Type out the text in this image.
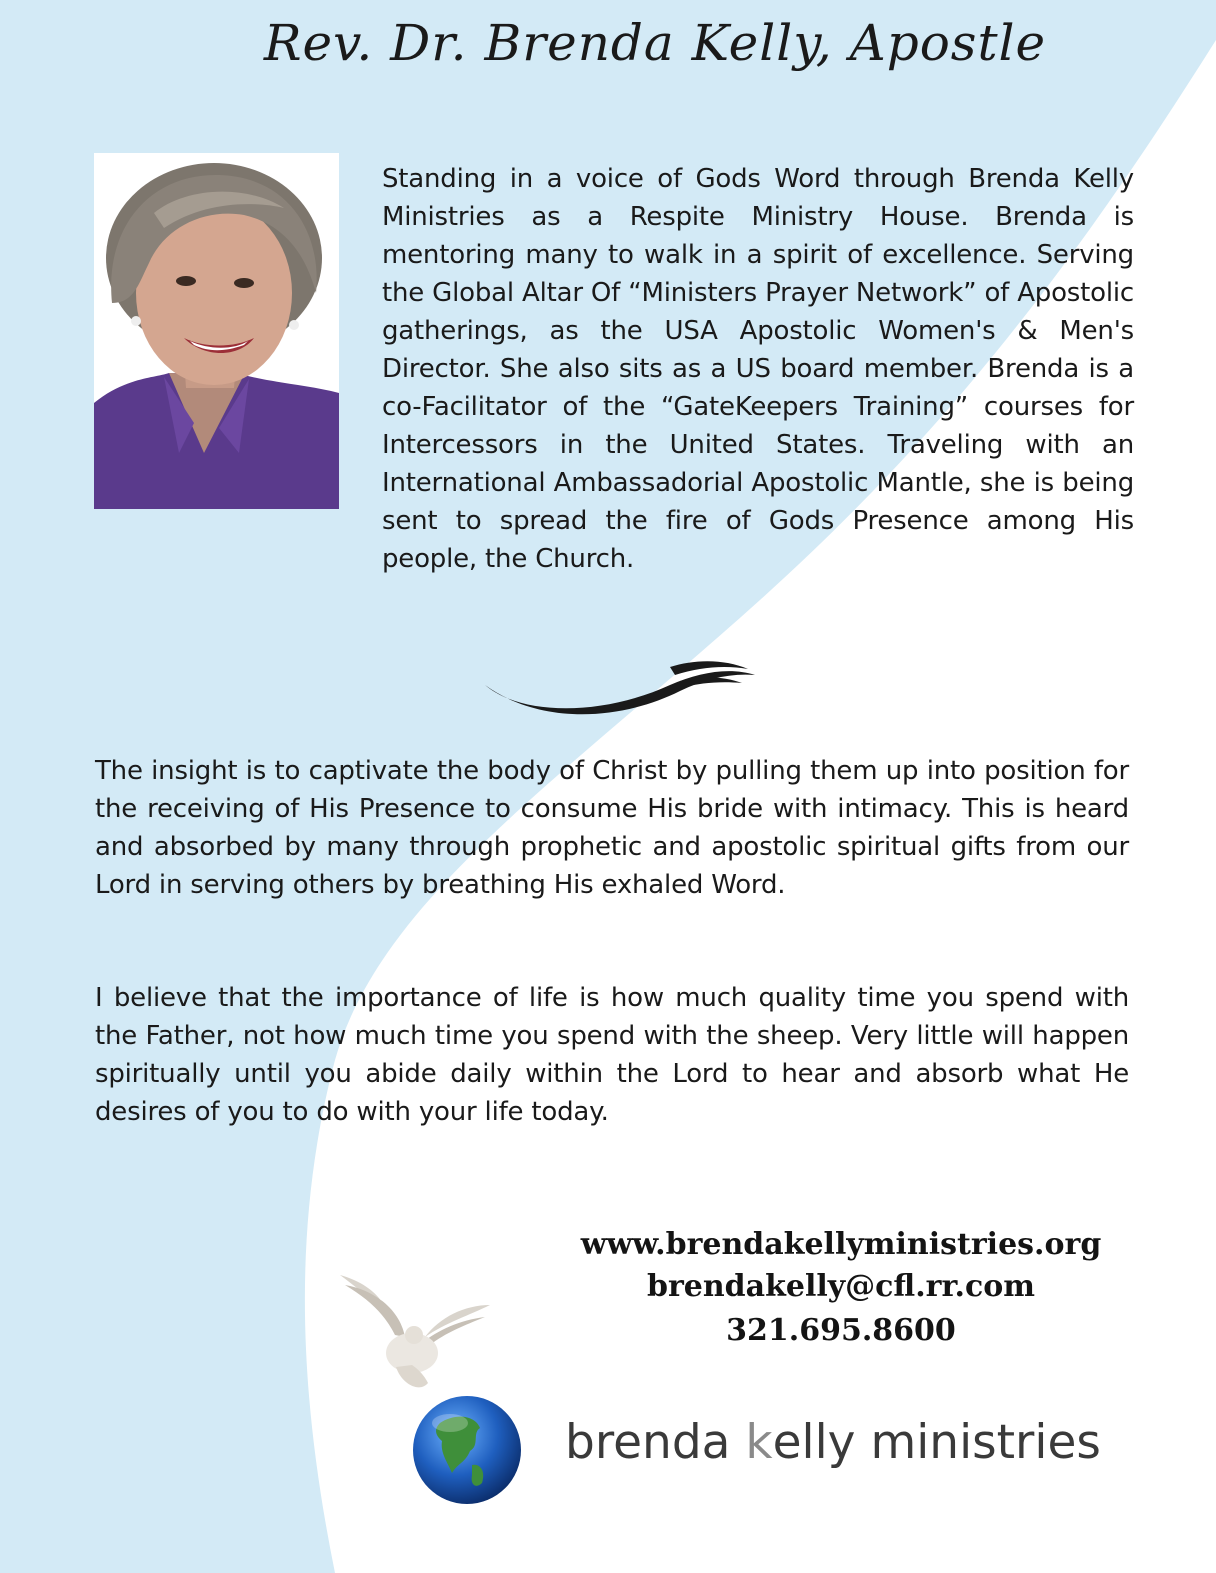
Rev. Dr. Brenda Kelly, Apostle
Standing in a voice of Gods Word through Brenda Kelly Ministries as a Respite Ministry House. Brenda is mentoring many to walk in a spirit of excellence. Serving the Global Altar Of “Ministers Prayer Network” of Apostolic gatherings, as the USA Apostolic Women's & Men's Director. She also sits as a US board member. Brenda is a co-Facilitator of the “GateKeepers Training” courses for Intercessors in the United States. Traveling with an International Ambassadorial Apostolic Mantle, she is being sent to spread the fire of Gods Presence among His people, the Church.
The insight is to captivate the body of Christ by pulling them up into position for the receiving of His Presence to consume His bride with intimacy. This is heard and absorbed by many through prophetic and apostolic spiritual gifts from our Lord in serving others by breathing His exhaled Word.
I believe that the importance of life is how much quality time you spend with the Father, not how much time you spend with the sheep. Very little will happen spiritually until you abide daily within the Lord to hear and absorb what He desires of you to do with your life today.
www.brendakellyministries.org
brendakelly@cfl.rr.com
321.695.8600
brenda kelly ministries
